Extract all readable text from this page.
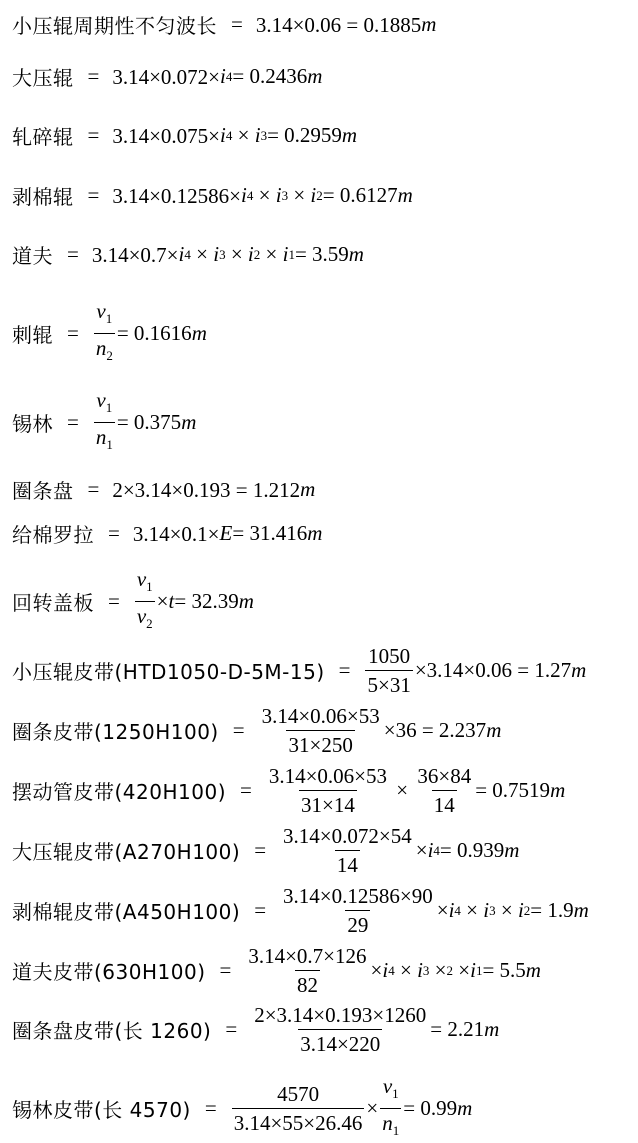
小压辊周期性不匀波长 = 3.14×0.06 = 0.1885 m
大压辊 = 3.14×0.072× i 4 = 0.2436 m
轧碎辊 = 3.14×0.075× i 4 × i 3 = 0.2959 m
剥棉辊 = 3.14×0.12586× i 4 × i 3 × i 2 = 0.6127 m
道夫 = 3.14×0.7× i 4 × i 3 × i 2 × i 1 = 3.59 m
刺辊 = $\frac{v_1}{n_2} = 0.1616$ m
锡林 = $\frac{v_1}{n_1} = 0.375$ m
圈条盘 = 2×3.14×0.193 = 1.212 m
给棉罗拉 = 3.14×0.1× E = 31.416 m
回转盖板 = $\frac{v_1}{v_2} \times t = 32.39$ m
小压辊皮带$(HTD1050-D-5M-15) = \frac{1050}{5\times 31} \times 3.14\times 0.06 = 1.27$ m
圈条皮带$(1250H100) = \frac{3.14\times 0.06\times 53}{31\times 250} \times 36 = 2.237$ m
摆动管皮带$(420H100) = \frac{3.14\times 0.06\times 53}{31\times 14} \times \frac{36\times 84}{14} = 0.7519$ m
大压辊皮带$(A270H100) = \frac{3.14\times 0.072\times 54}{14} \times i$ 4 = 0.939 m
剥棉辊皮带$(A450H100) = \frac{3.14\times 0.12586\times 90}{29} \times i$ 4 × i 3 × i 2 = 1.9 m
道夫皮带$(630H100) = \frac{3.14\times 0.7\times 126}{82} \times i$ 4 × i 3
× 2 × i 1 = 5.5 m
圈条盘皮带(长 $1260) = \frac{2\times 3.14\times 0.193\times 1260}{3.14\times 220} = 2.21$ m
锡林皮带(长 $4570) = \frac{4570}{3.14\times 55\times 26.46} \times \frac{v_1}{n_1} = 0.99$ m
